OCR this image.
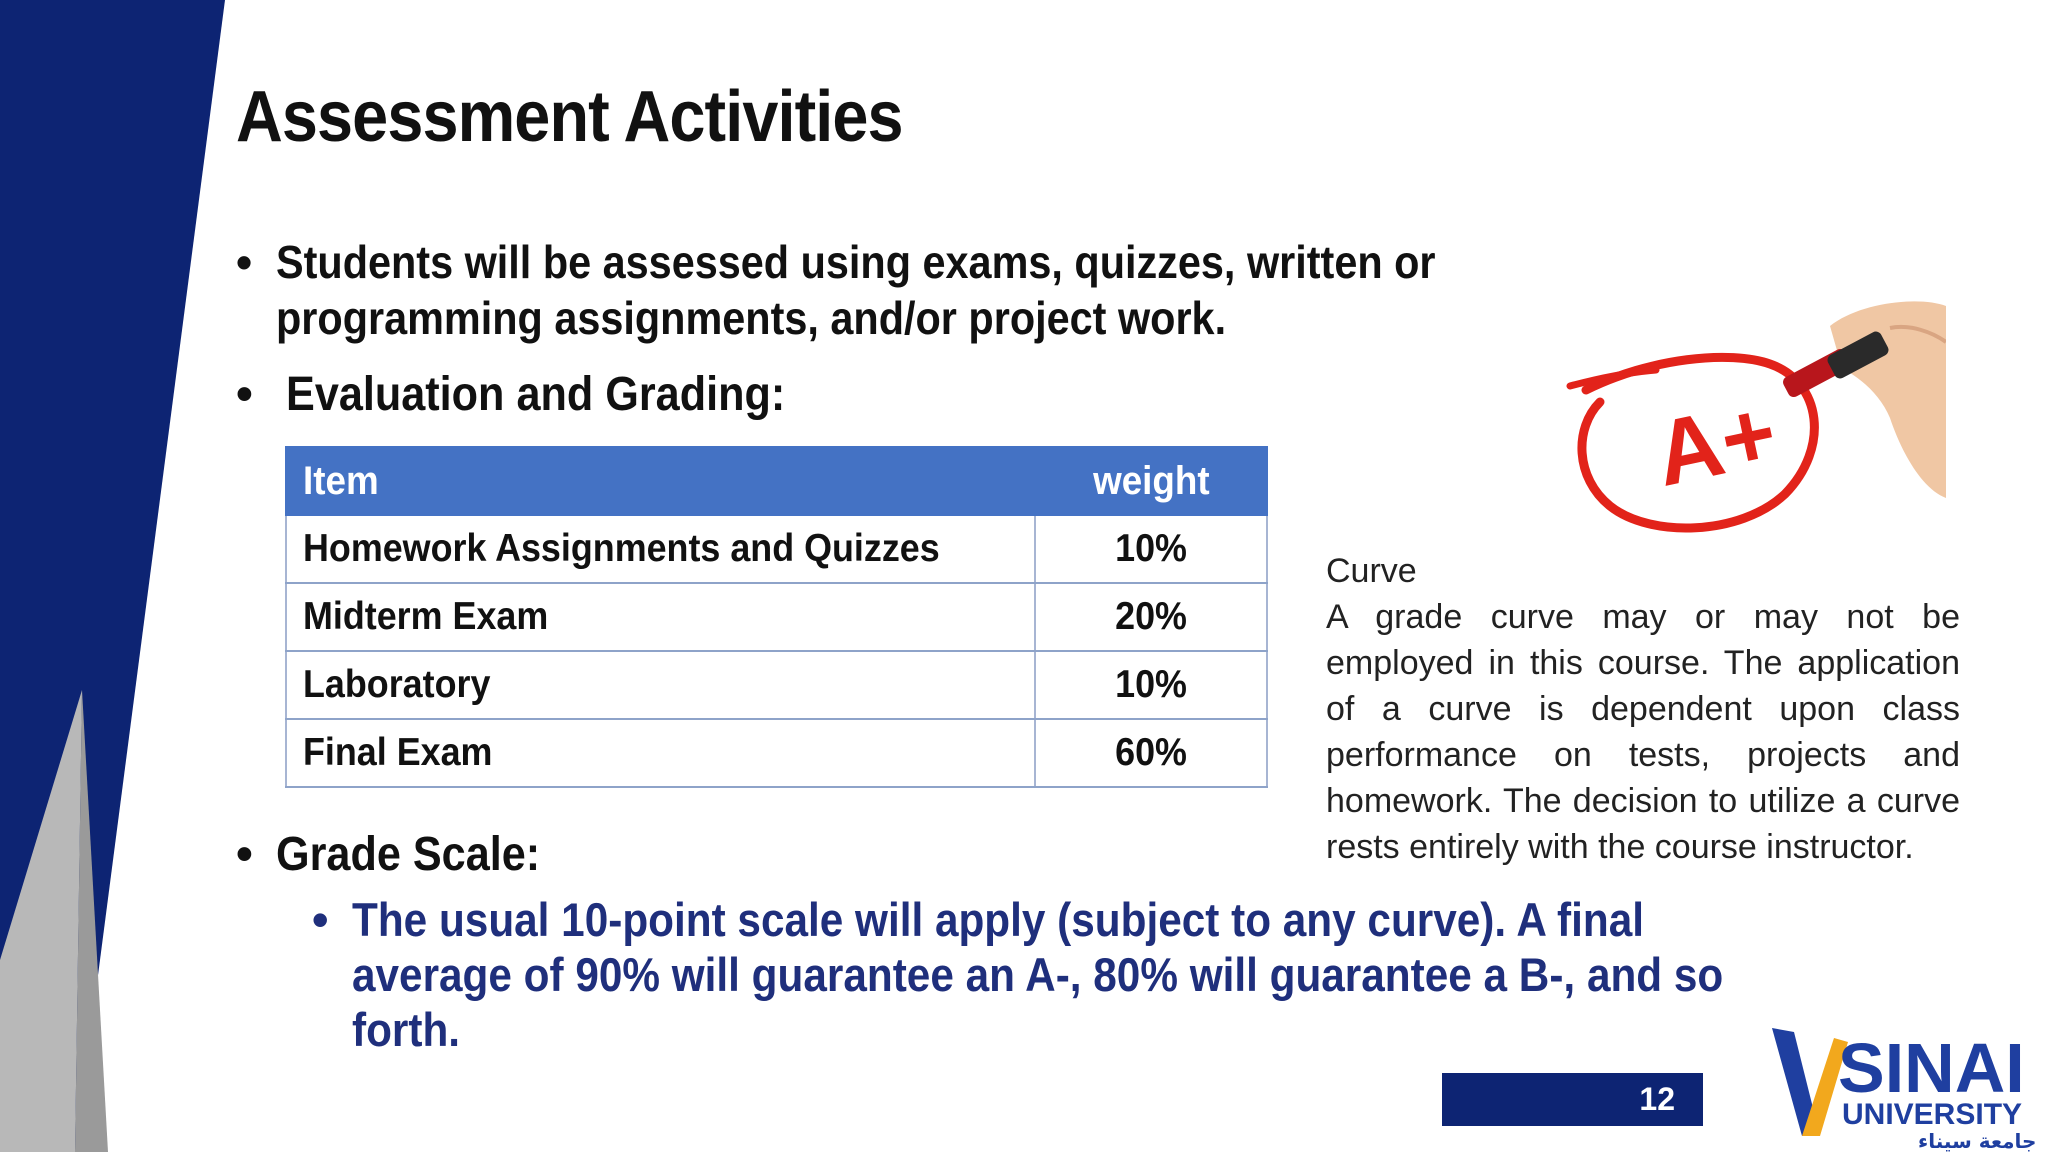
Assessment Activities
• Students will be assessed using exams, quizzes, written or programming assignments, and/or project work.
• Evaluation and Grading:
Item	weight
Homework Assignments and Quizzes	10%
Midterm Exam	20%
Laboratory	10%
Final Exam	60%
A+
Curve
A grade curve may or may not be employed in this course. The application of a curve is dependent upon class performance on tests, projects and homework. The decision to utilize a curve rests entirely with the course instructor.
• Grade Scale:
• The usual 10-point scale will apply (subject to any curve). A final average of 90% will guarantee an A-, 80% will guarantee a B-, and so forth.
12 SINAI
UNIVERSITY
جامعة سيناء
